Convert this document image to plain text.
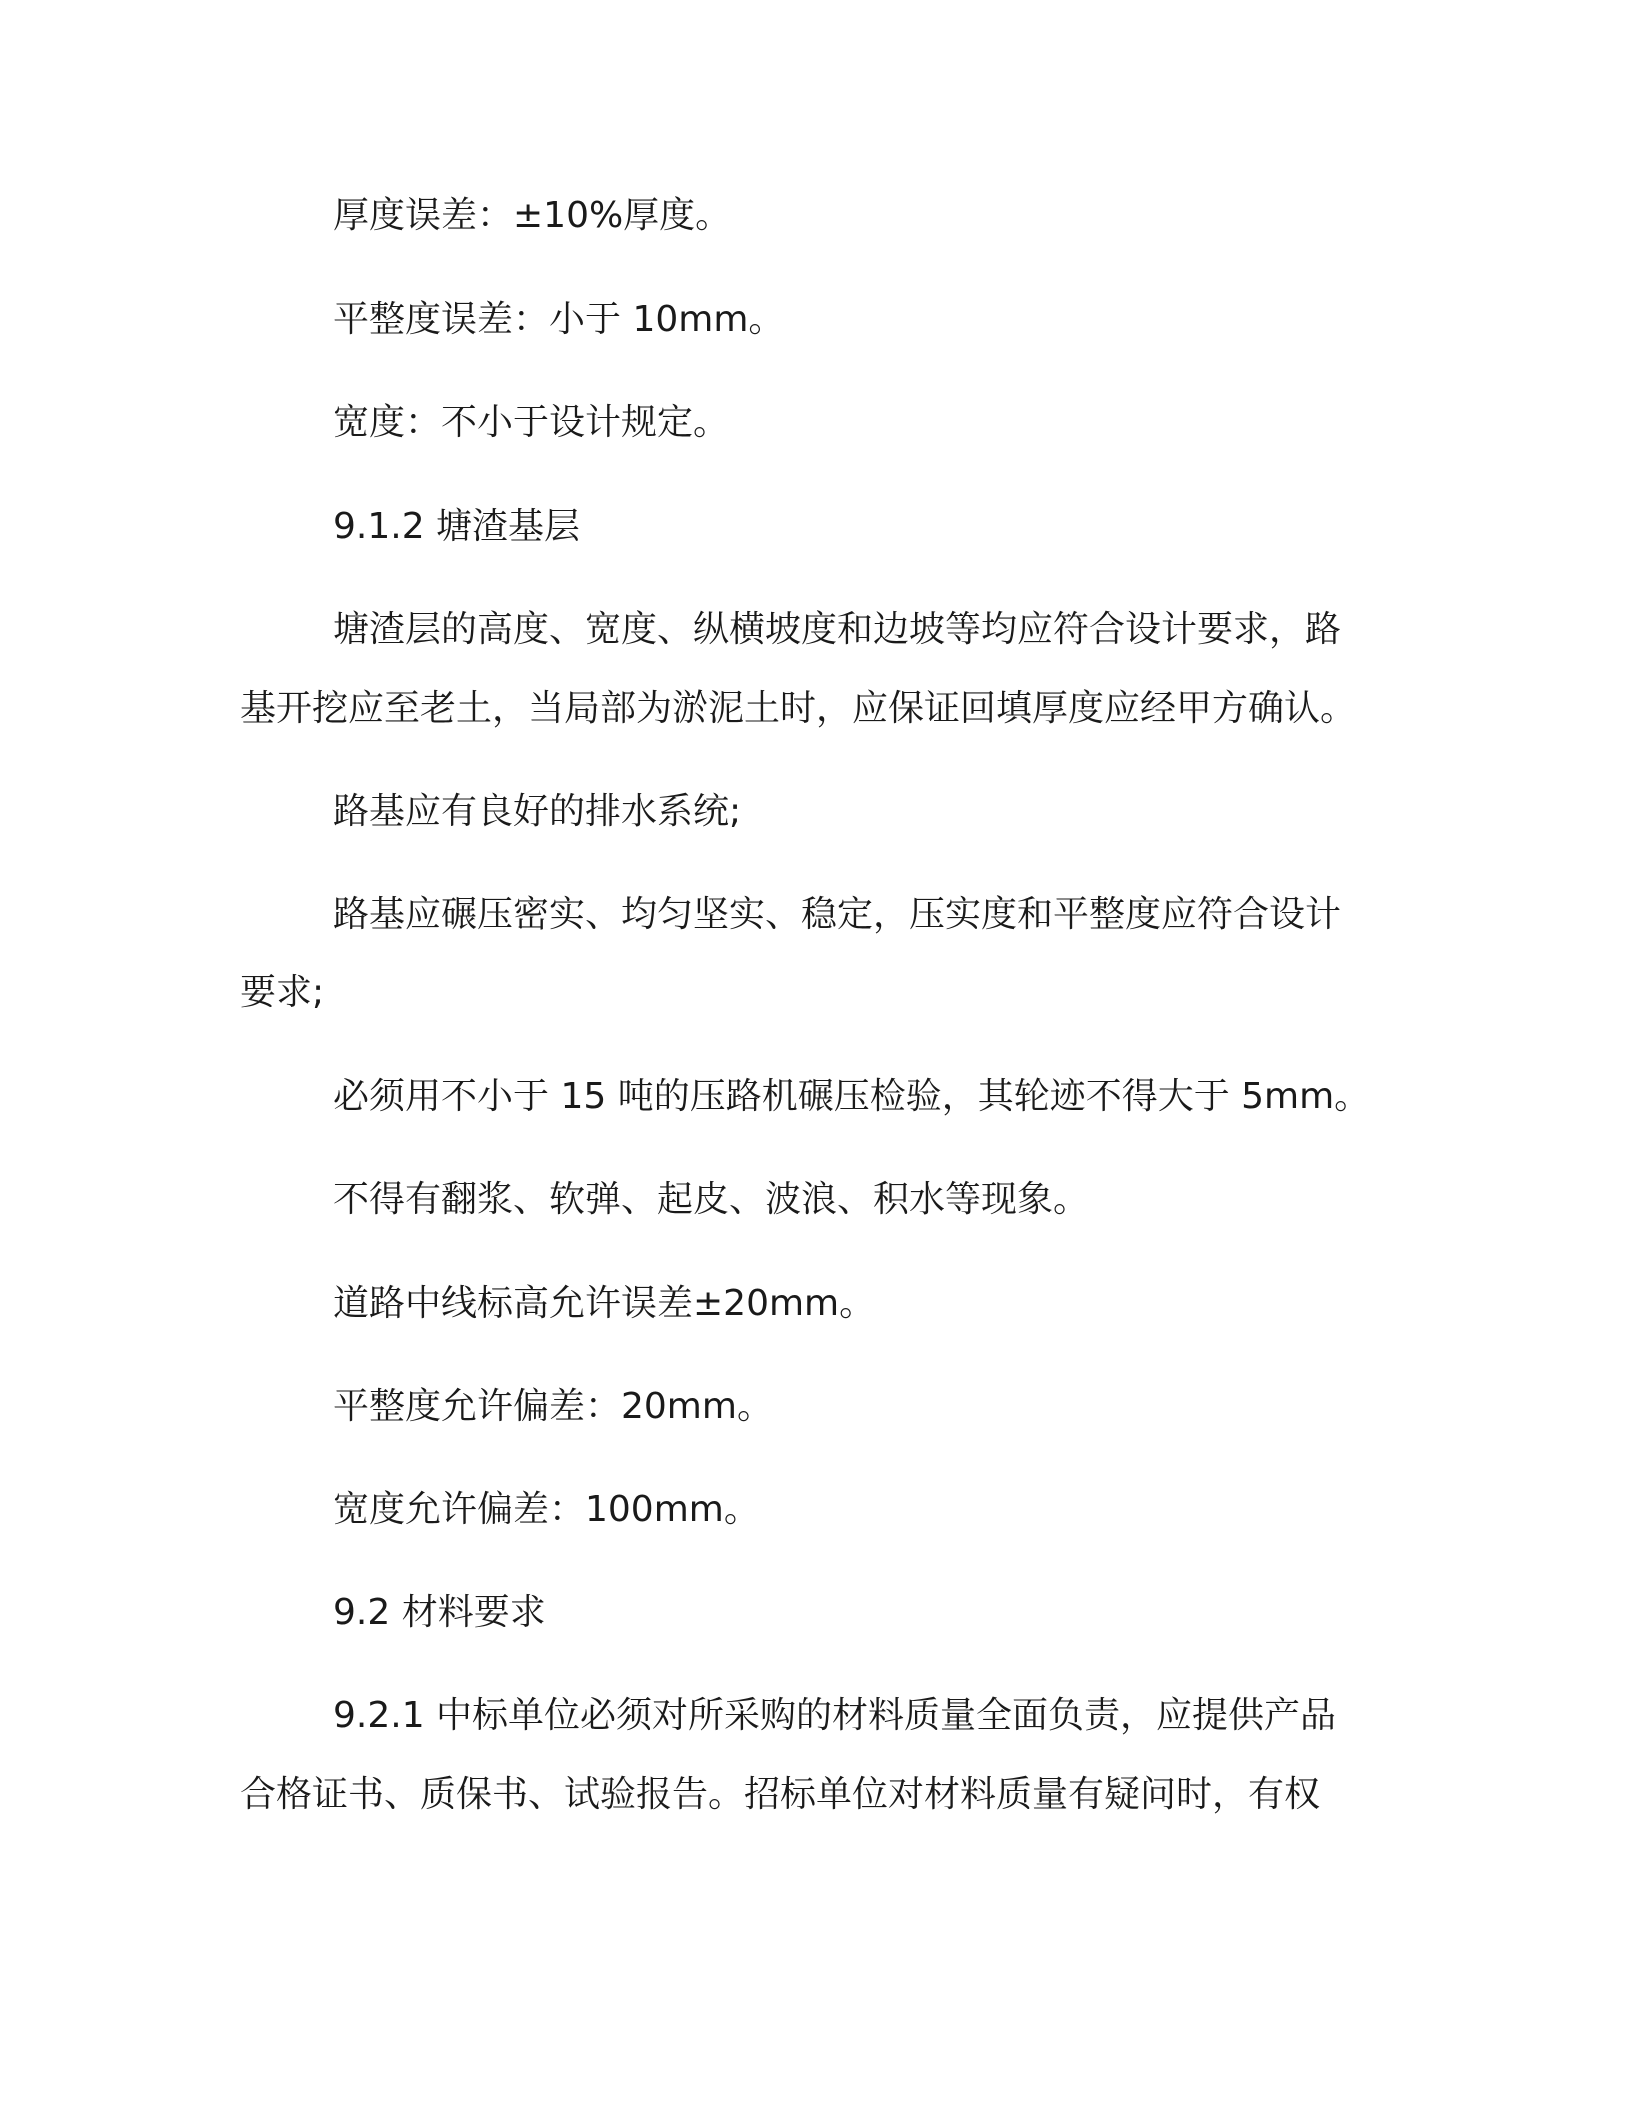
厚度误差：±10%厚度。

平整度误差：小于 10mm。

宽度：不小于设计规定。

9.1.2 塘渣基层

塘渣层的高度、宽度、纵横坡度和边坡等均应符合设计要求，路

基开挖应至老土，当局部为淤泥土时，应保证回填厚度应经甲方确认。

路基应有良好的排水系统;

路基应碾压密实、均匀坚实、稳定，压实度和平整度应符合设计

要求;

必须用不小于 15 吨的压路机碾压检验，其轮迹不得大于 5mm。

不得有翻浆、软弹、起皮、波浪、积水等现象。

道路中线标高允许误差±20mm。

平整度允许偏差：20mm。

宽度允许偏差：100mm。

9.2 材料要求

9.2.1 中标单位必须对所采购的材料质量全面负责，应提供产品

合格证书、质保书、试验报告。招标单位对材料质量有疑问时，有权
